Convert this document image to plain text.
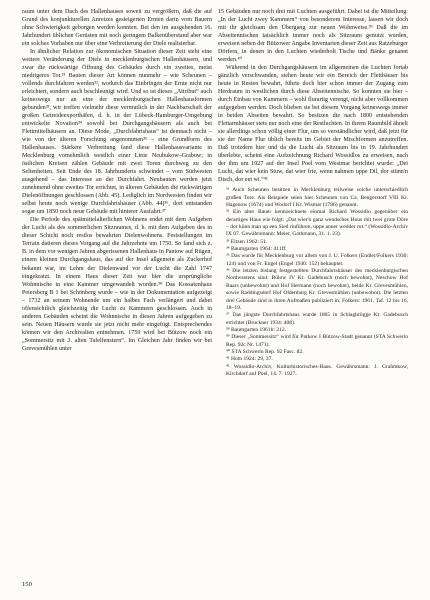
raum unter dem Dach des Hallenhauses soweit zu vergrößern, daß die auf Grund des konjunkturellen Anreizes gesteigerten Ernten darin vom Bauern ohne Schwierigkeit geborgen werden konnten. Bei den im ausgehenden 16. Jahrhundert üblichen Gerüsten mit noch geringem Balkenüberstand aber war ein solches Vorhaben nur über eine Verbreiterung der Diele realisierbar.

In ähnlicher Relation zur ökonomischen Situation dieser Zeit steht eine weitere Veränderung der Diele in mecklenburgischen Hallenhäusern, und zwar die rückwärtige Öffnung des Gebäudes durch ein zweites, meist niedrigeres Tor.³¹ Bauten dieser Art können nunmehr – wie Scheunen – vollends durchfahren werden³², wodurch das Einbringen der Ernte nicht nur erleichtert, sondern auch beschleunigt wird. Und so ist dieses „Attribut“ auch keineswegs nur an eine der mecklenburgischen Hallenhausformen gebunden³³, wir treffen vielmehr diese vermutlich in der Nachbarschaft der großen Getreideexporthäfen, d. h. in der Lübeck-Hamburger-Umgebung entwickelte Novation³⁴ sowohl bei Durchgangshäusern als auch bei Flettmittelhäusern an. Diese Mode, „Durchfahrtshaus“ ist demnach nicht – wie von der älteren Forschung angenommen³⁵ – eine Grundform des Hallenhauses. Stärkere Verbreitung fand diese Hallenhausvariante in Mecklenburg vornehmlich westlich einer Linie Neubukow–Grabow; in östlichen Kreisen zählen Gebäude mit zwei Toren durchweg zu den Seltenheiten. Seit Ende des 18. Jahrhunderts schwindet – vom Südwesten ausgehend – das Interesse an der Durchfahrt. Neubauten werden jetzt zunehmend ohne zweites Tor errichtet, in älteren Gebäuden die rückwärtigen Dielenöffnungen geschlossen (Abb. 45). Lediglich im Nordwesten finden wir selbst heute noch wenige Durchfahrtshäuser (Abb. 44)³⁶, dort entstanden sogar um 1850 noch neue Gebäude mit hinterer Ausfahrt.³⁷

Die Periode des spätmittelalterlichen Wohnens endet mit dem Aufgeben der Lucht als des sommerlichen Sitzraumes, d. h. mit dem Aufgeben des in dieser Schicht noch restlos bewahrten Dielenwohnens. Feststellungen im Terrain datieren dieses Vorgang auf die Jahrzehnte um 1750. So fand sich z. B. in dem vor wenigen Jahren abgerissenen Hallenhaus in Pantow auf Rügen, einem kleinen Durchgangshaus, das auf der Insel allgemein als Zuckerhof bekannt war, im Lehm der Dielenwand vor der Lucht die Zahl 1747 eingekratzt. In einem Haus dieser Zeit war hier die ursprüngliche Wohnnische in eine Kammer umgewandelt worden.³⁸ Das Kossatenhaus Petersberg B 1 bei Schönberg wurde – wie in der Dokumentation aufgezeigt – 1732 an seinem Wohnende um ein halbes Fach verlängert und dabei offensichtlich gleichzeitig die Lucht zu Kammern geschlossen. Auch in anderen Gebäuden scheint die Wohnnische in diesen Jahren aufgegeben zu sein. Neuen Häusern wurde sie jetzt nicht mehr eingefügt. Entsprechendes können wir den Archivalien entnehmen. 1759 wird bei Bützow noch ein „Sommersitz mit 3. alten Tafelfenstern“. Im Gleichen Jahr finden wir bei Grevesmühlen unter

15 Gebäuden nur noch drei mit Luchten ausgeführt. Dabei ist die Mitteilung: „In der Lucht zwey Kammern“ von besonderem Interesse, lassen wir doch mit ihr gleichsam den Übergang zur neuen Wohnweise.³⁹ Daß die im Abseitennischen tatsächlich immer noch als Sitzraum genutzt wurden, erweisen neben der Bützower Angabe Inventarien dieser Zeit aus Ratzeburger Dörfern, in denen in den Luchten wiederholt Tische und Bänke genannt werden.⁴⁰

Während in den Durchgangshäusern im allgemeinen die Luchten fortab gänzlich verschwanden, stehen heute wir ein Bereich der Flettbäuser bis heute in Resten bewahrt, führte doch hier schon immer der Zugang zum Herdraum in westlichen durch diese Abseitennische. So konnten sie hier – durch Einbau von Kammern – wohl flurartig verengt, nicht aber vollkommen aufgegeben werden. Doch blieben sie bei diesem Vorgang keineswegs immer in beiden Abseiten bewahrt. So besitzen die nach 1800 entstehenden Flettarmhäuser stets nur noch eine der Restluchten. In ihrem Raumbild ähnelt sie allerdings schon völlig einer Flur, um so verständlicher wird, daß jetzt für sie der Name Flur üblich bereits im Gebiet der Mischformen anzutreffen. Daß trotzdem hier und da die Lucht als Sitzraum bis in 19. Jahrhundert überlebte, scheint eine Aufzeichnung Richard Wossidlos zu erweisen, nach der ihm um 1927 auf der Insel Poel vom Westmar berichtet wurde: „Dei Lucht, dat wier kein Stuw, dat wier frie, wenn nahmen uppe Dil, dor stünn'n Disch, dor eet wi.“⁴¹

³¹ Auch Scheunen besitzen in Mecklenburg teilweise solche unterschiedlich großen Tore. Als Beispiele seien hier Scheunen von Ca. Bengerstorf VIII Kr. Hagenow (1674) und Wodorf I Kr. Wismar (1786) genannt.

³² Ein alter Bauer kennzeichnete einmal Richard Wossidlo gegenüber ein derartiges Haus wie folgt: „Dat wier'n ganz wendsches Huus mit twei grote Döre – dor künn man up een Sied rinführen, uppe anner wedder rut.“ (Wossidlo-Archiv IX 07. Gewährsmann: Meier, Gothmann, 31. 1. 23).

³³ Eitzen 1962: 51.

³⁴ Baumgarten 1964: 411ff.

³⁵ Das wurde für Mecklenburg vor allem von J. U. Folkers (Endler/Folkers 1930: 124) und von Fr. Engel (Engel 1940: 152) behauptet.

³⁶ Die letzten bislang festgestellten Durchfahrtshäuser des mecklenburgischen Nordwestens sind: Bülow IV Kr. Gadebusch (noch bewohnt), Neschow Hof Baars (unbewohnt) und Hof Hermann (noch bewohnt), beide Kr. Grevesmühlen, sowie Raddingsdorf Hof Oldenburg Kr. Grevesmühlen (unbewohnt). Die letzten drei Gebäude sind in ihren Aufmaßen publiziert in: Folkers: 1961. Taf. 12 bis 16, 18–19.

³⁷ Das jüngste Durchfahrtshaus wurde 1865 in Schlagbrügge Kr. Gadebusch errichtet (Bruckner 1934: 408).

³⁸ Baumgarten 1961b: 212.

³⁹ Dieser „Sommersitz“ wird für Parkow I Bützow-Stadt genannt (STA Schwerin Rep. 92c Nr. 1471).

⁴⁰ STA Schwerin Rep. 92 Fasc. 82.

⁴¹ Hom 1924: 29, 37.

⁴¹ Wossidlo-Archiv, Kulturhistorisches-Haus. Gewährsmann: J. Grahmkow, Kirchdorf auf Poel, 14. 7. 1927.

150
